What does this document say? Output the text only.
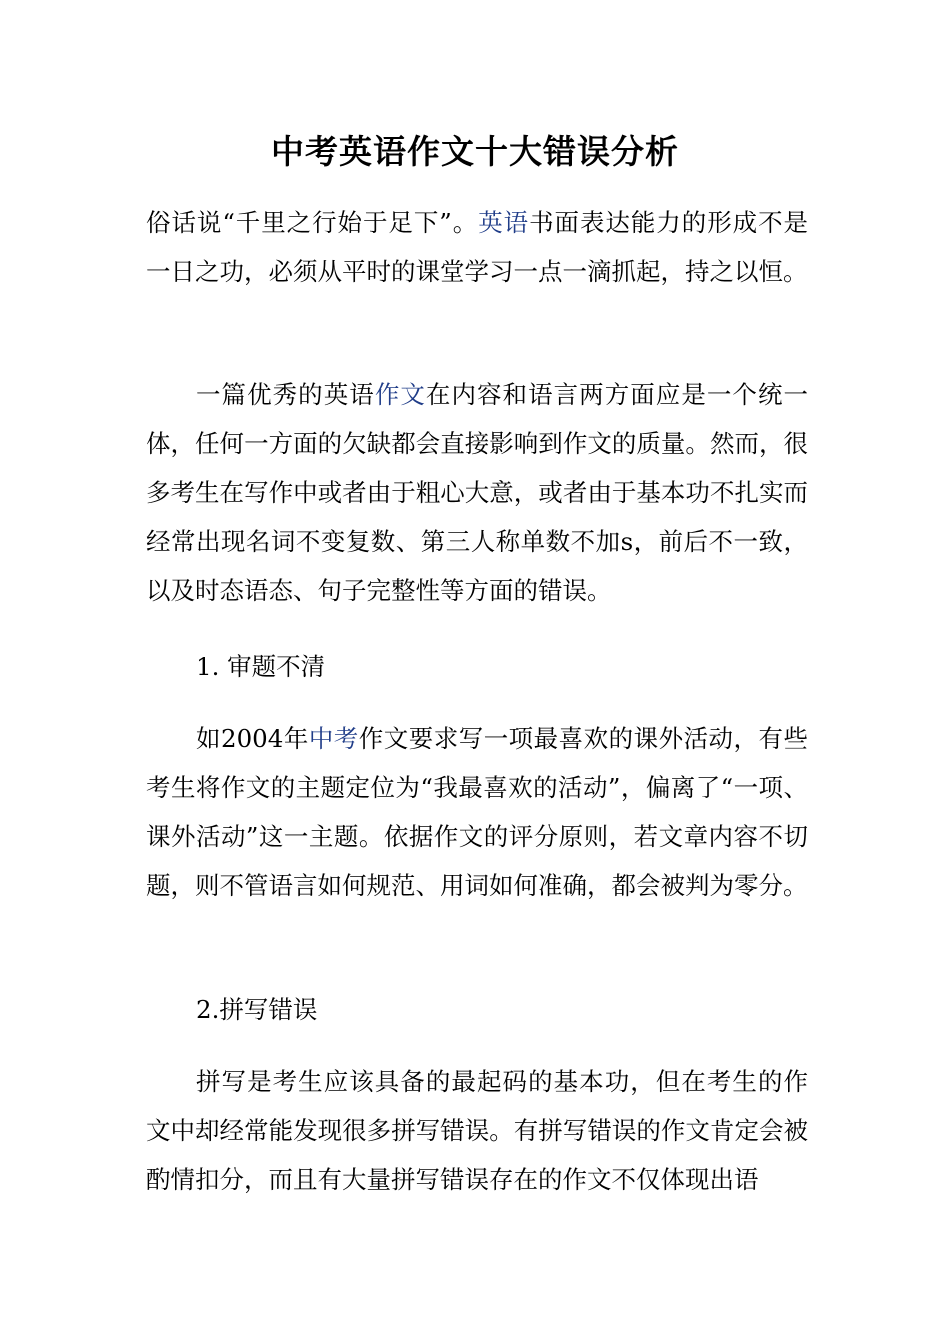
中考英语作文十大错误分析
俗话说“千里之行始于足下”。英语书面表达能力的形成不是一日之功，必须从平时的课堂学习一点一滴抓起，持之以恒。
一篇优秀的英语作文在内容和语言两方面应是一个统一体，任何一方面的欠缺都会直接影响到作文的质量。然而，很多考生在写作中或者由于粗心大意，或者由于基本功不扎实而经常出现名词不变复数、第三人称单数不加s，前后不一致，以及时态语态、句子完整性等方面的错误。
1. 审题不清
如2004年中考作文要求写一项最喜欢的课外活动，有些考生将作文的主题定位为“我最喜欢的活动”，偏离了“一项、课外活动”这一主题。依据作文的评分原则，若文章内容不切题，则不管语言如何规范、用词如何准确，都会被判为零分。
2.拼写错误
拼写是考生应该具备的最起码的基本功，但在考生的作文中却经常能发现很多拼写错误。有拼写错误的作文肯定会被酌情扣分，而且有大量拼写错误存在的作文不仅体现出语
